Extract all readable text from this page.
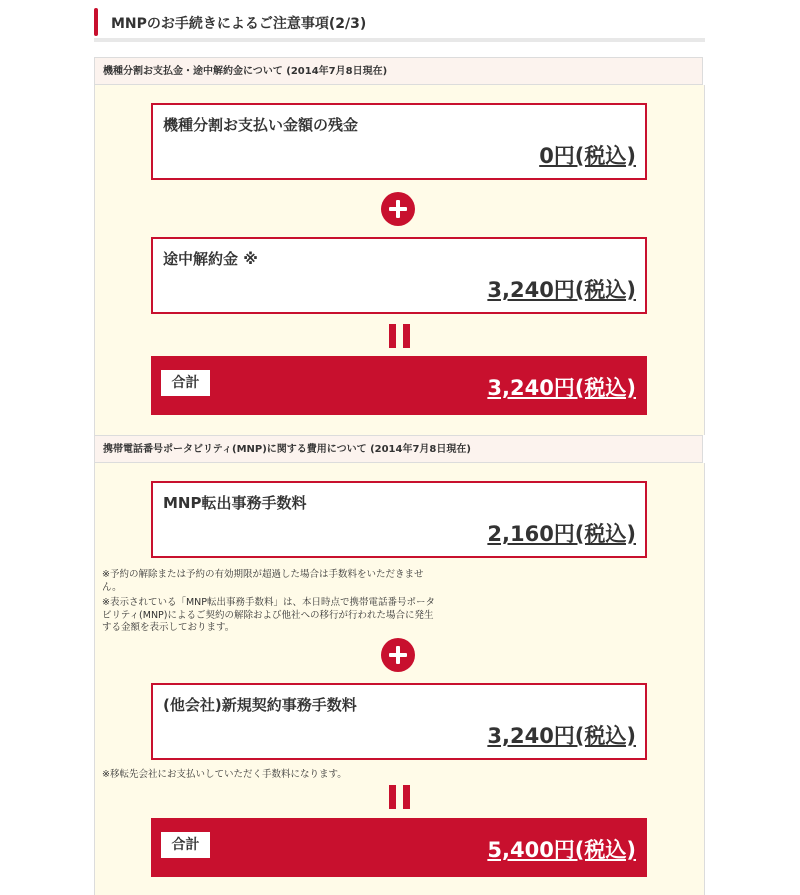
MNPのお手続きによるご注意事項(2/3)
機種分割お支払金・途中解約金について (2014年7月8日現在)
機種分割お支払い金額の残金
0円(税込)
途中解約金 ※
3,240円(税込)
合計	3,240円(税込)
携帯電話番号ポータビリティ(MNP)に関する費用について (2014年7月8日現在)
MNP転出事務手数料
2,160円(税込)
※予約の解除または予約の有効期限が超過した場合は手数料をいただきません。
※表示されている「MNP転出事務手数料」は、本日時点で携帯電話番号ポータビリティ(MNP)によるご契約の解除および他社への移行が行われた場合に発生する金額を表示しております。
(他会社)新規契約事務手数料
3,240円(税込)
※移転先会社にお支払いしていただく手数料になります。
合計	5,400円(税込)
